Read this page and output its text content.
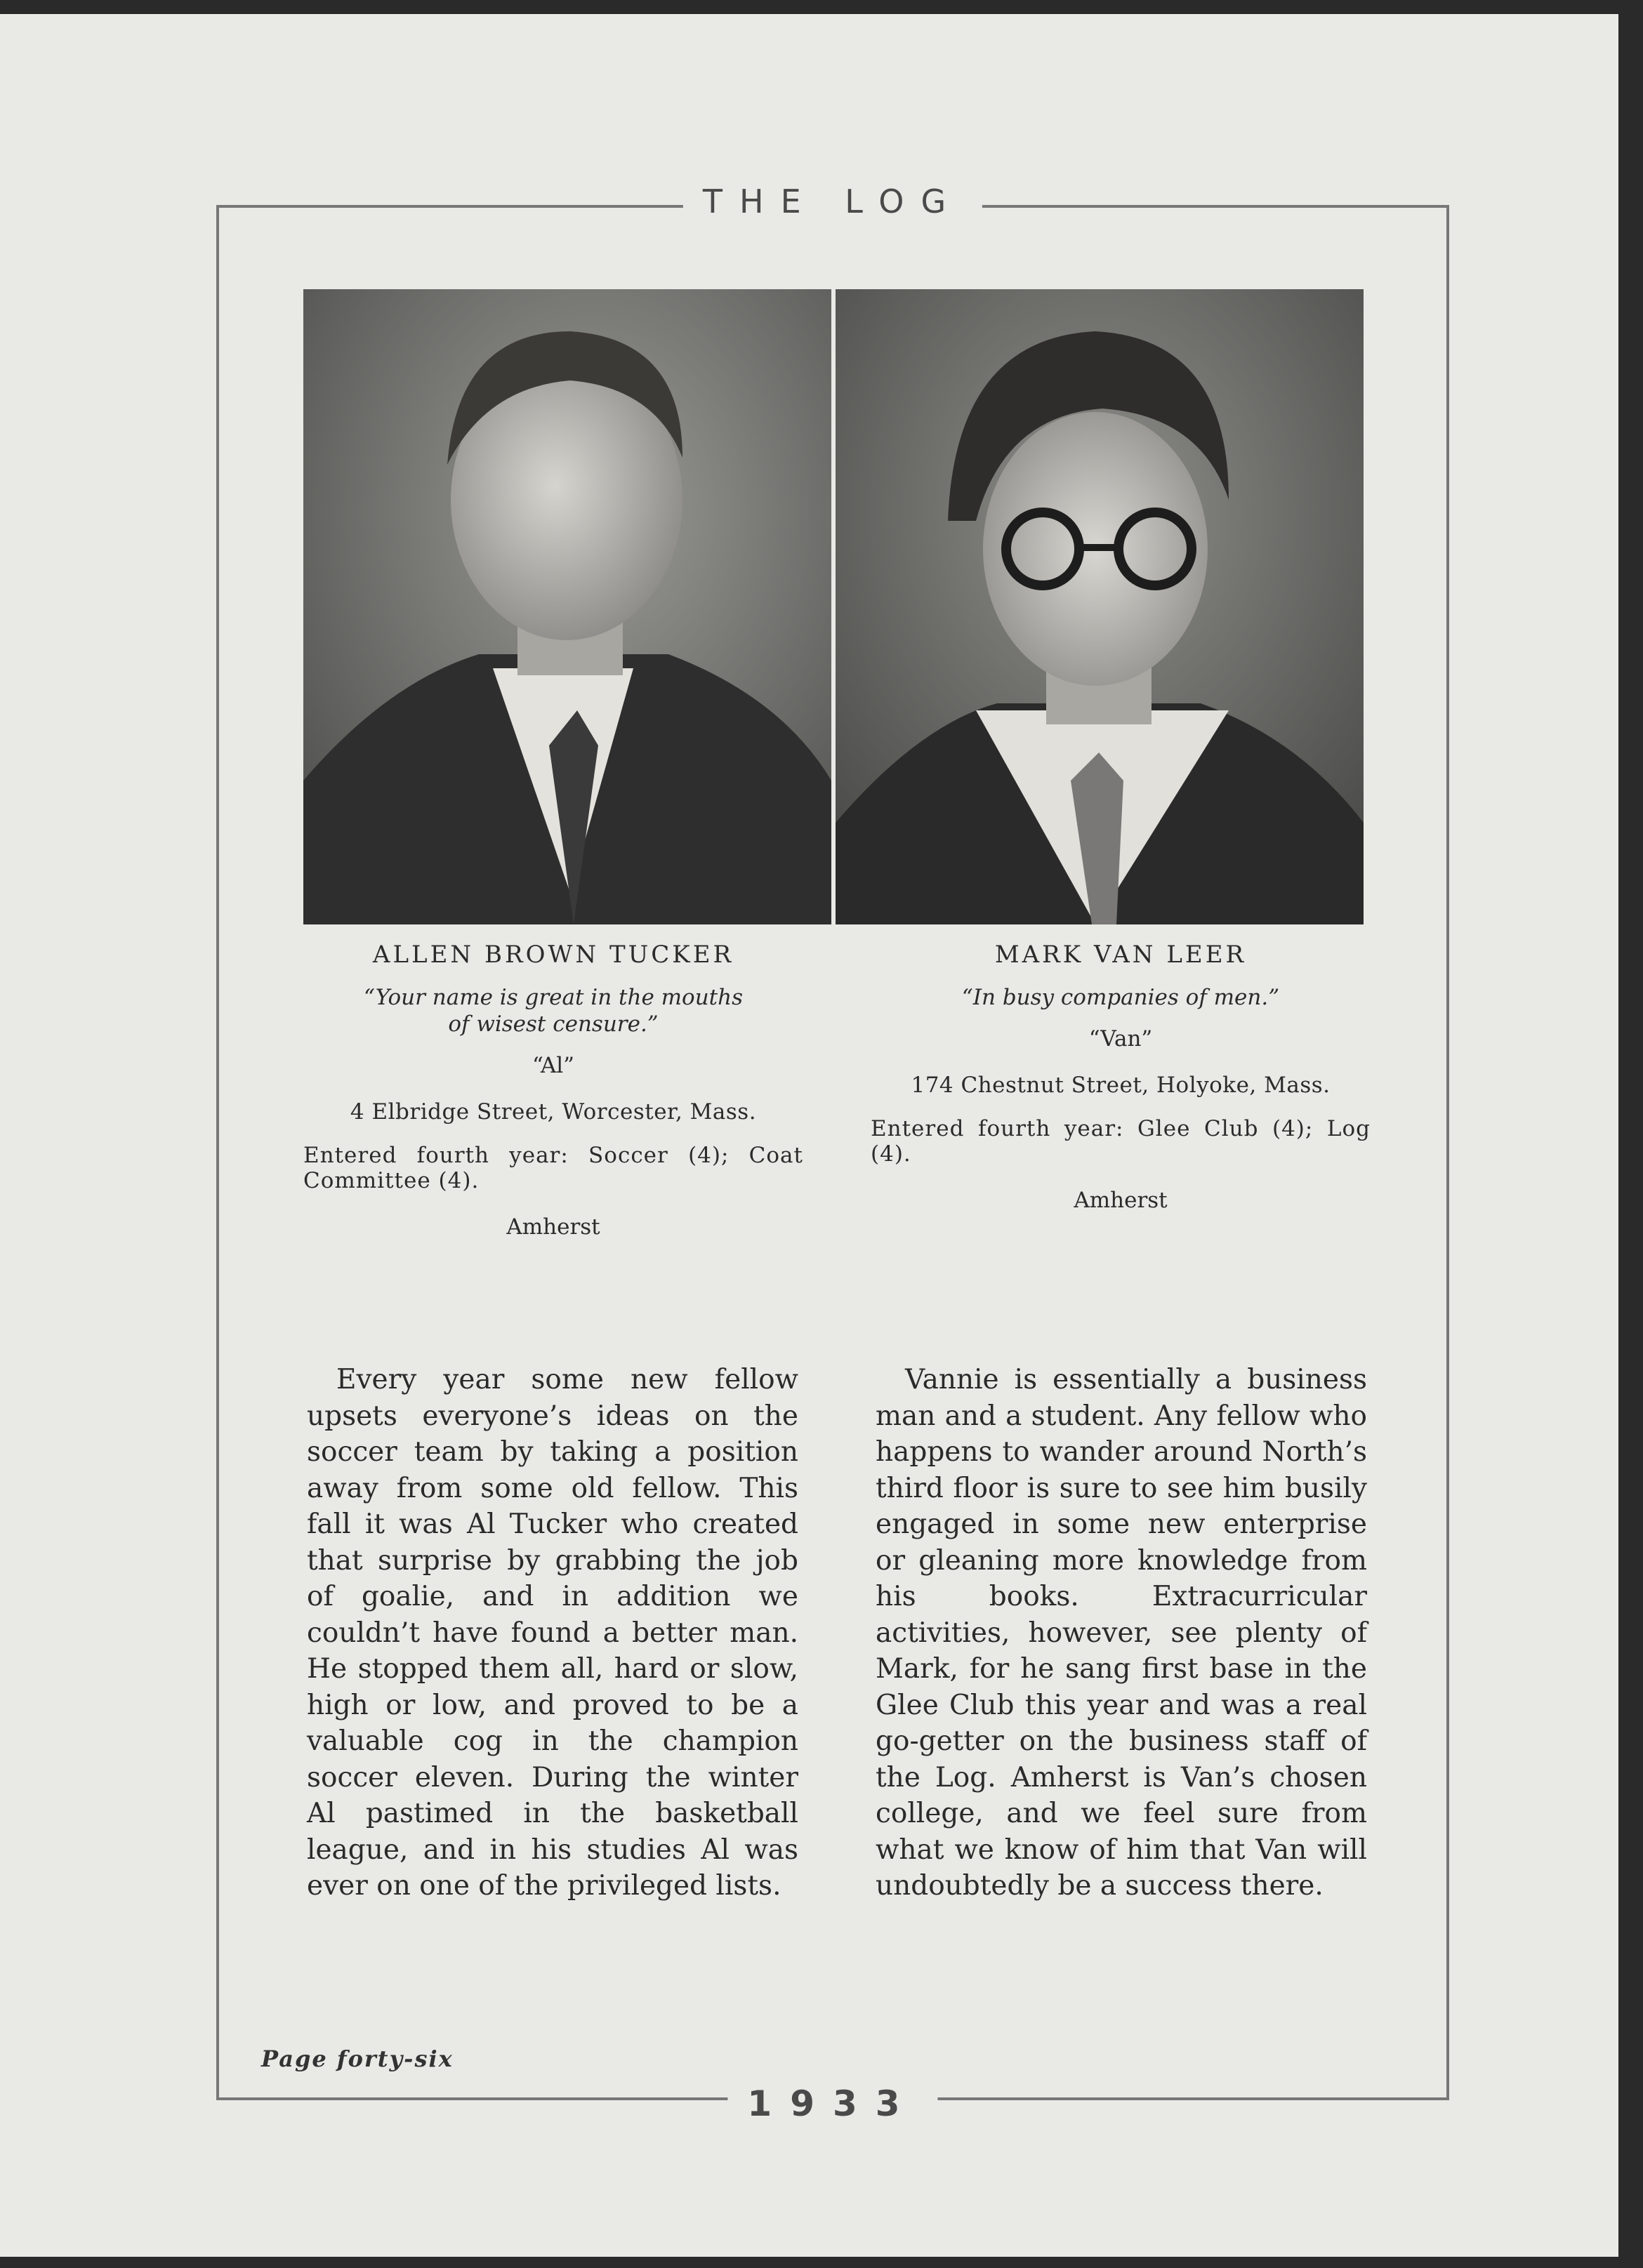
THE LOG
1933
Page forty-six
ALLEN BROWN TUCKER
“Your name is great in the mouths
of wisest censure.”
“Al”
4 Elbridge Street, Worcester, Mass.
Entered fourth year: Soccer (4); Coat Committee (4).
Amherst
MARK VAN LEER
“In busy companies of men.”
“Van”
174 Chestnut Street, Holyoke, Mass.
Entered fourth year: Glee Club (4); Log (4).
Amherst
Every year some new fellow upsets everyone’s ideas on the soccer team by taking a position away from some old fellow. This fall it was Al Tucker who created that surprise by grabbing the job of goalie, and in addition we couldn’t have found a better man. He stopped them all, hard or slow, high or low, and proved to be a valuable cog in the champion soccer eleven. During the winter Al pastimed in the basketball league, and in his studies Al was ever on one of the privileged lists.
Vannie is essentially a business man and a student. Any fellow who happens to wander around North’s third floor is sure to see him busily engaged in some new enterprise or gleaning more knowledge from his books. Extracurricular activities, however, see plenty of Mark, for he sang first base in the Glee Club this year and was a real go-getter on the business staff of the Log. Amherst is Van’s chosen college, and we feel sure from what we know of him that Van will undoubtedly be a success there.
